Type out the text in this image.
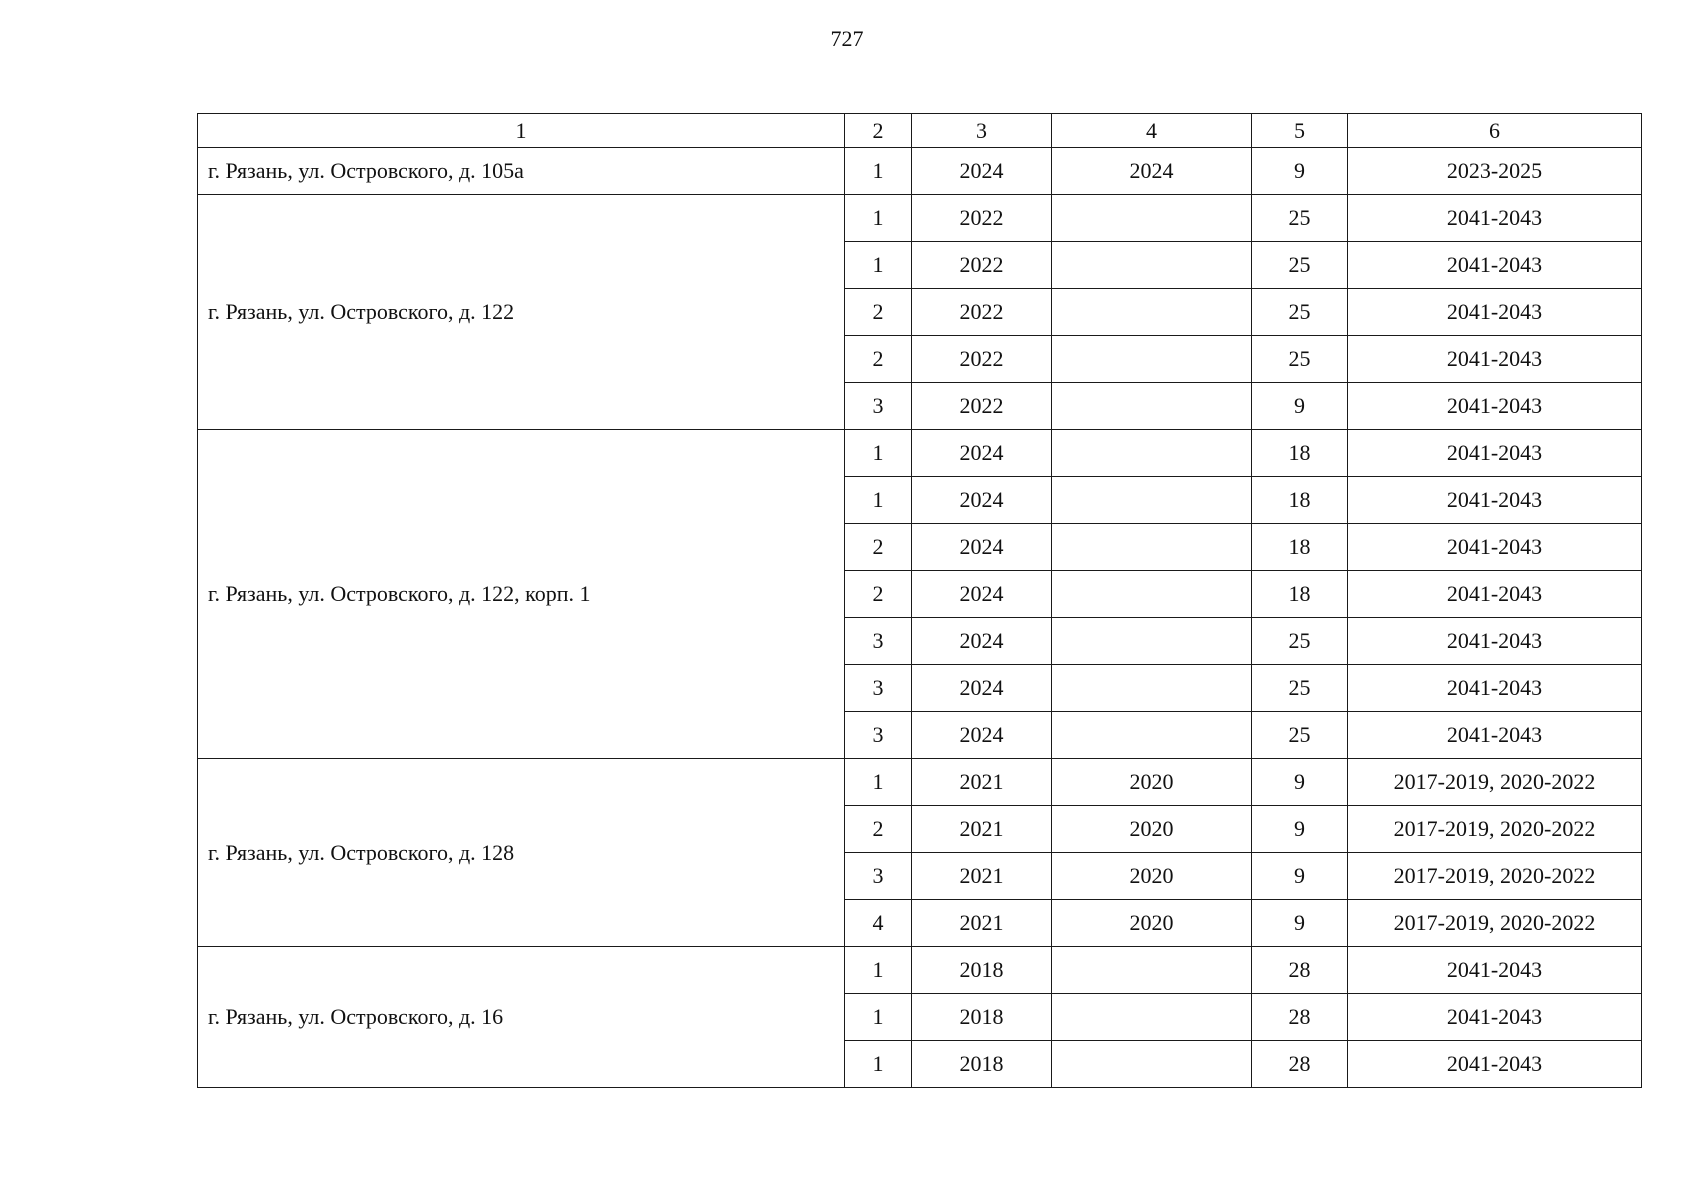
727
1	2	3	4	5	6
г. Рязань, ул. Островского, д. 105а	1	2024	2024	9	2023-2025
г. Рязань, ул. Островского, д. 122	1	2022		25	2041-2043
	1	2022		25	2041-2043
	2	2022		25	2041-2043
	2	2022		25	2041-2043
	3	2022		9	2041-2043
г. Рязань, ул. Островского, д. 122, корп. 1	1	2024		18	2041-2043
	1	2024		18	2041-2043
	2	2024		18	2041-2043
	2	2024		18	2041-2043
	3	2024		25	2041-2043
	3	2024		25	2041-2043
	3	2024		25	2041-2043
г. Рязань, ул. Островского, д. 128	1	2021	2020	9	2017-2019, 2020-2022
	2	2021	2020	9	2017-2019, 2020-2022
	3	2021	2020	9	2017-2019, 2020-2022
	4	2021	2020	9	2017-2019, 2020-2022
г. Рязань, ул. Островского, д. 16	1	2018		28	2041-2043
	1	2018		28	2041-2043
	1	2018		28	2041-2043
